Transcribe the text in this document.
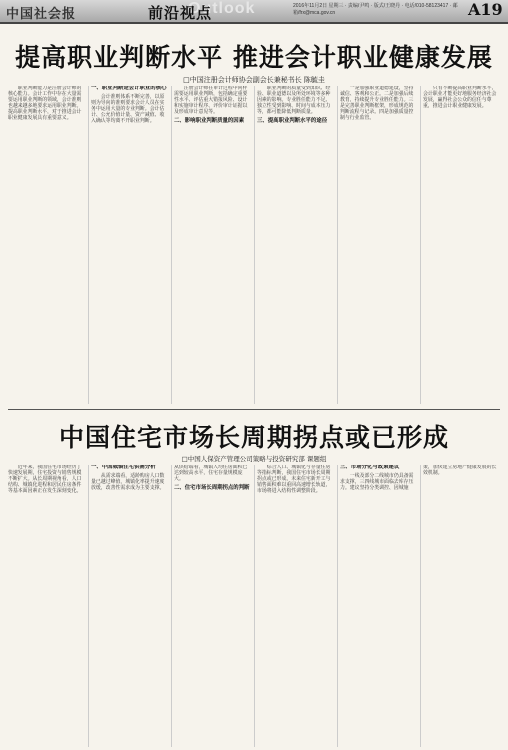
中国社会报	Outlook
前沿视点	2016年11月2日 星期三 · 责编/尹鸣 · 版式/王晓丹 · 电话/010-58123417 · 邮箱/frx@mca.gov.cn	A19
提高职业判断水平 推进会计职业健康发展
□中国注册会计师协会副会长兼秘书长 陈毓圭

职业判断能力是注册会计师的核心能力。会计工作中存在大量需要运用职业判断的领域，会计准则也越来越多地要求运用职业判断。提高职业判断水平，对于推进会计职业健康发展具有重要意义。

一、职业判断是会计职业的核心

会计准则体系不断完善，以原则为导向的准则要求会计人员在实务中运用大量的专业判断。会计估计、公允价值计量、资产减值、收入确认等均离不开职业判断。

注册会计师在审计过程中同样需要运用职业判断，包括确定重要性水平、评估重大错报风险、设计和实施审计程序、评价审计证据以及形成审计意见等。

二、影响职业判断质量的因素

职业判断的质量受到知识、经验、职业道德以及所处环境等多种因素的影响。专业胜任能力不足、独立性受到影响、时间与成本压力等，都可能降低判断质量。

三、提高职业判断水平的途径

一是加强职业道德建设，坚持诚信、客观和公正。二是加强后续教育，持续提升专业胜任能力。三是完善职业判断框架，形成规范的判断流程与记录。四是加强质量控制与行业监管。

只有不断提高职业判断水平，会计职业才能更好地服务经济社会发展，赢得社会公众的信任与尊重，推进会计职业健康发展。

中国住宅市场长周期拐点或已形成
□中国人保资产管理公司策略与投资研究部 课题组

近年来，我国住宅市场经历了快速发展期，住宅投资与销售规模不断扩大。从长周期视角看，人口结构、城镇化进程和居民住房条件等基本面因素正在发生深刻变化。

一、中国城镇住宅供需分析

从需求端看，适龄购房人口数量已越过峰值，城镇化率提升速度放缓，改善性需求成为主要支撑。从供给端看，城镇人均住房面积已达到较高水平，住宅存量规模庞大。

二、住宅市场长周期拐点的判断

综合人口、城镇化与存量住房等指标判断，我国住宅市场长周期拐点或已形成，未来住宅新开工与销售面积难以重回高速增长轨道，市场将进入结构性调整阶段。

三、市场分化与政策建议

一线及部分二线城市仍具备需求支撑，三四线城市面临去库存压力。建议坚持分类调控、因城施策，加快建立房地产健康发展的长效机制。
